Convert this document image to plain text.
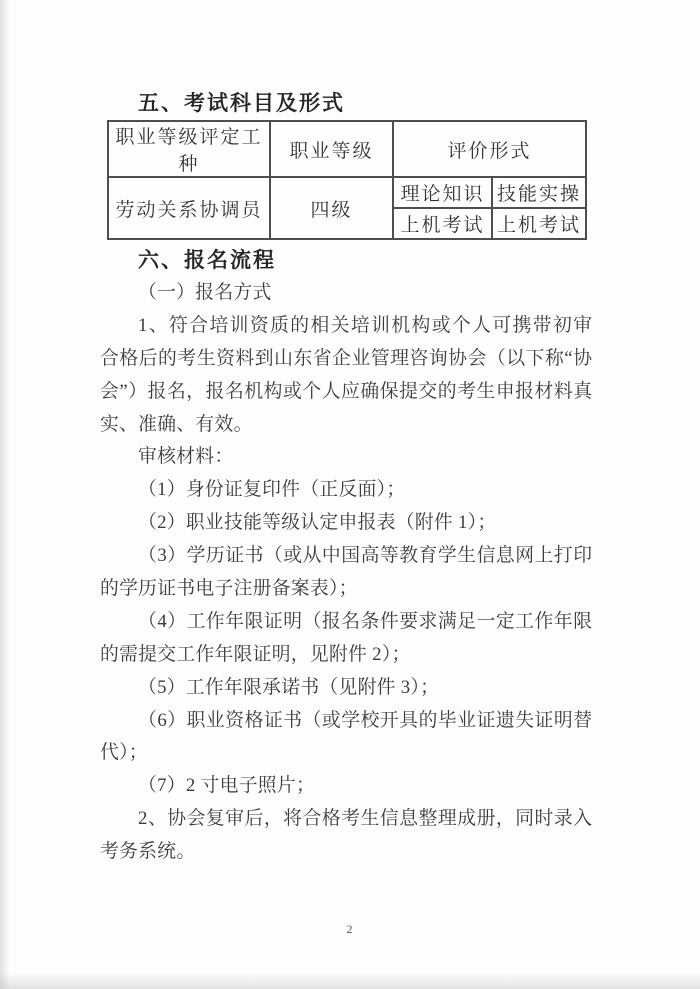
五、考试科目及形式
职业等级评定工种	职业等级	评价形式	
劳动关系协调员	四级	理论知识	技能实操
		上机考试	上机考试
六、报名流程
（一）报名方式
1、符合培训资质的相关培训机构或个人可携带初审
合格后的考生资料到山东省企业管理咨询协会（以下称“协
会”）报名，报名机构或个人应确保提交的考生申报材料真
实、准确、有效。
审核材料：
（1）身份证复印件（正反面）；
（2）职业技能等级认定申报表（附件 1）；
（3）学历证书（或从中国高等教育学生信息网上打印
的学历证书电子注册备案表）；
（4）工作年限证明（报名条件要求满足一定工作年限
的需提交工作年限证明，见附件 2）；
（5）工作年限承诺书（见附件 3）；
（6）职业资格证书（或学校开具的毕业证遗失证明替
代）；
（7）2 寸电子照片；
2、协会复审后，将合格考生信息整理成册，同时录入
考务系统。
2
